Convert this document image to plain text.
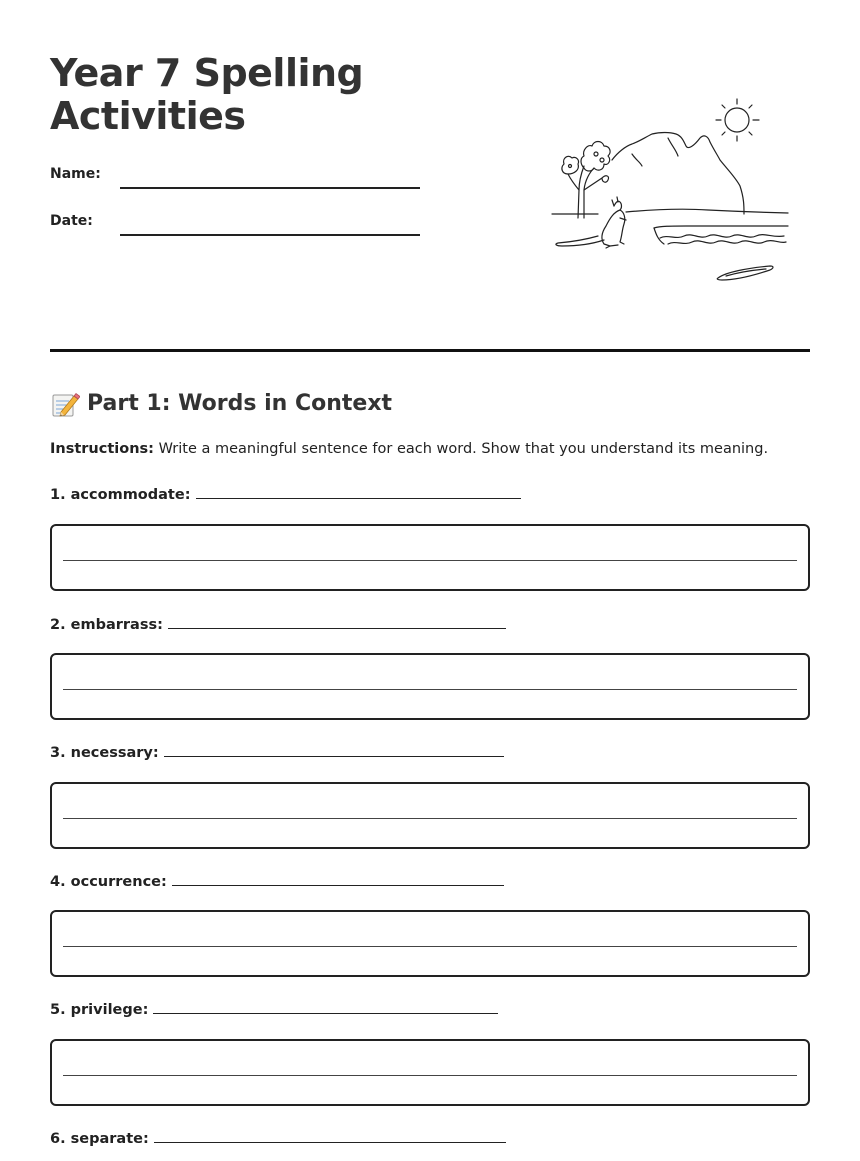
Year 7 Spelling
Activities
Name:
Date:
Part 1: Words in Context
Instructions: Write a meaningful sentence for each word. Show that you understand its meaning.
1. accommodate:
2. embarrass:
3. necessary:
4. occurrence:
5. privilege:
6. separate:
